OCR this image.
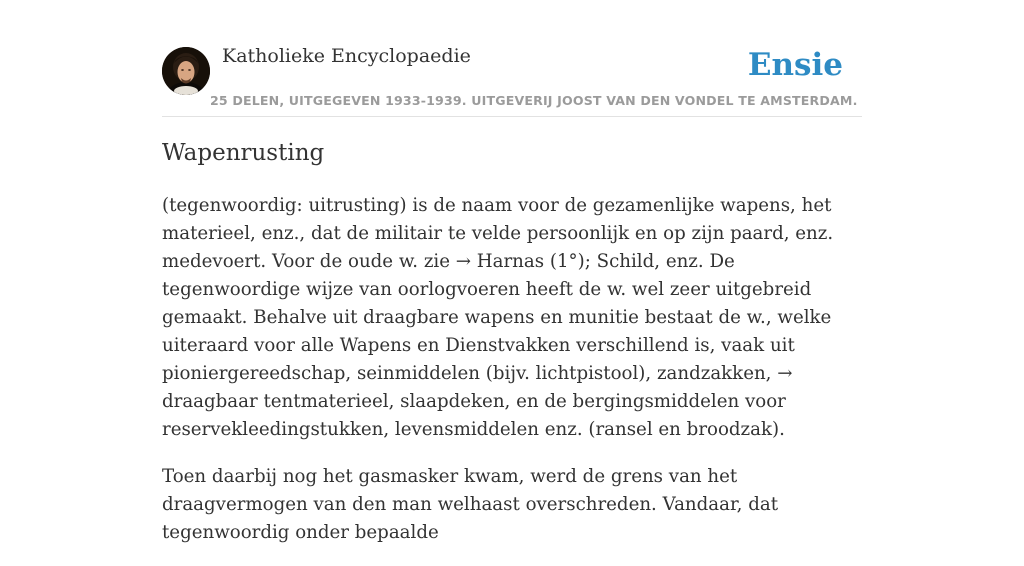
Katholieke Encyclopaedie
25 DELEN, UITGEGEVEN 1933-1939. UITGEVERIJ JOOST VAN DEN VONDEL TE AMSTERDAM.
Ensie
Wapenrusting

(tegenwoordig: uitrusting) is de naam voor de gezamenlijke wapens, het materieel, enz., dat de militair te velde persoonlijk en op zijn paard, enz. medevoert. Voor de oude w. zie → Harnas (1°); Schild, enz. De tegenwoordige wijze van oorlogvoeren heeft de w. wel zeer uitgebreid gemaakt. Behalve uit draagbare wapens en munitie bestaat de w., welke uiteraard voor alle Wapens en Dienstvakken verschillend is, vaak uit pioniergereedschap, seinmiddelen (bijv. lichtpistool), zandzakken, → draagbaar tentmaterieel, slaapdeken, en de bergingsmiddelen voor reservekleedingstukken, levensmiddelen enz. (ransel en broodzak).

Toen daarbij nog het gasmasker kwam, werd de grens van het draagvermogen van den man welhaast overschreden. Vandaar, dat tegenwoordig onder bepaalde
